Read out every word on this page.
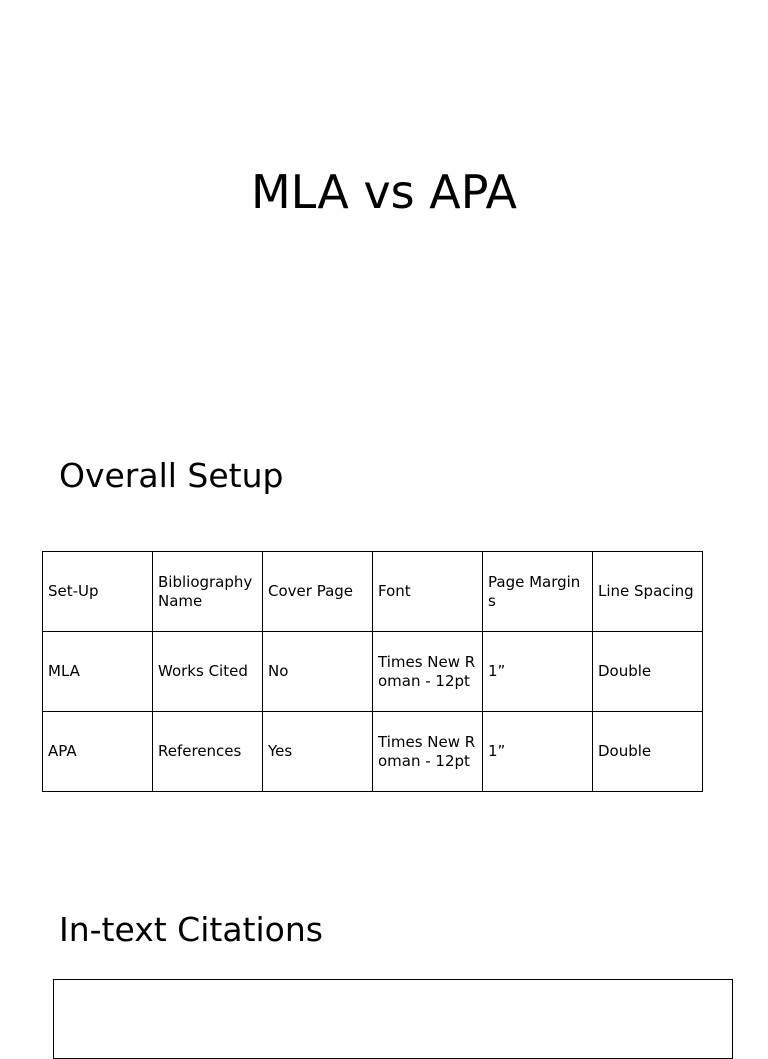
MLA vs APA
Overall Setup
Set-Up	Bibliography Name	Cover Page	Font	Page Margins	Line Spacing
MLA	Works Cited	No	Times New Roman - 12pt	1”	Double
APA	References	Yes	Times New Roman - 12pt	1”	Double
In-text Citations
